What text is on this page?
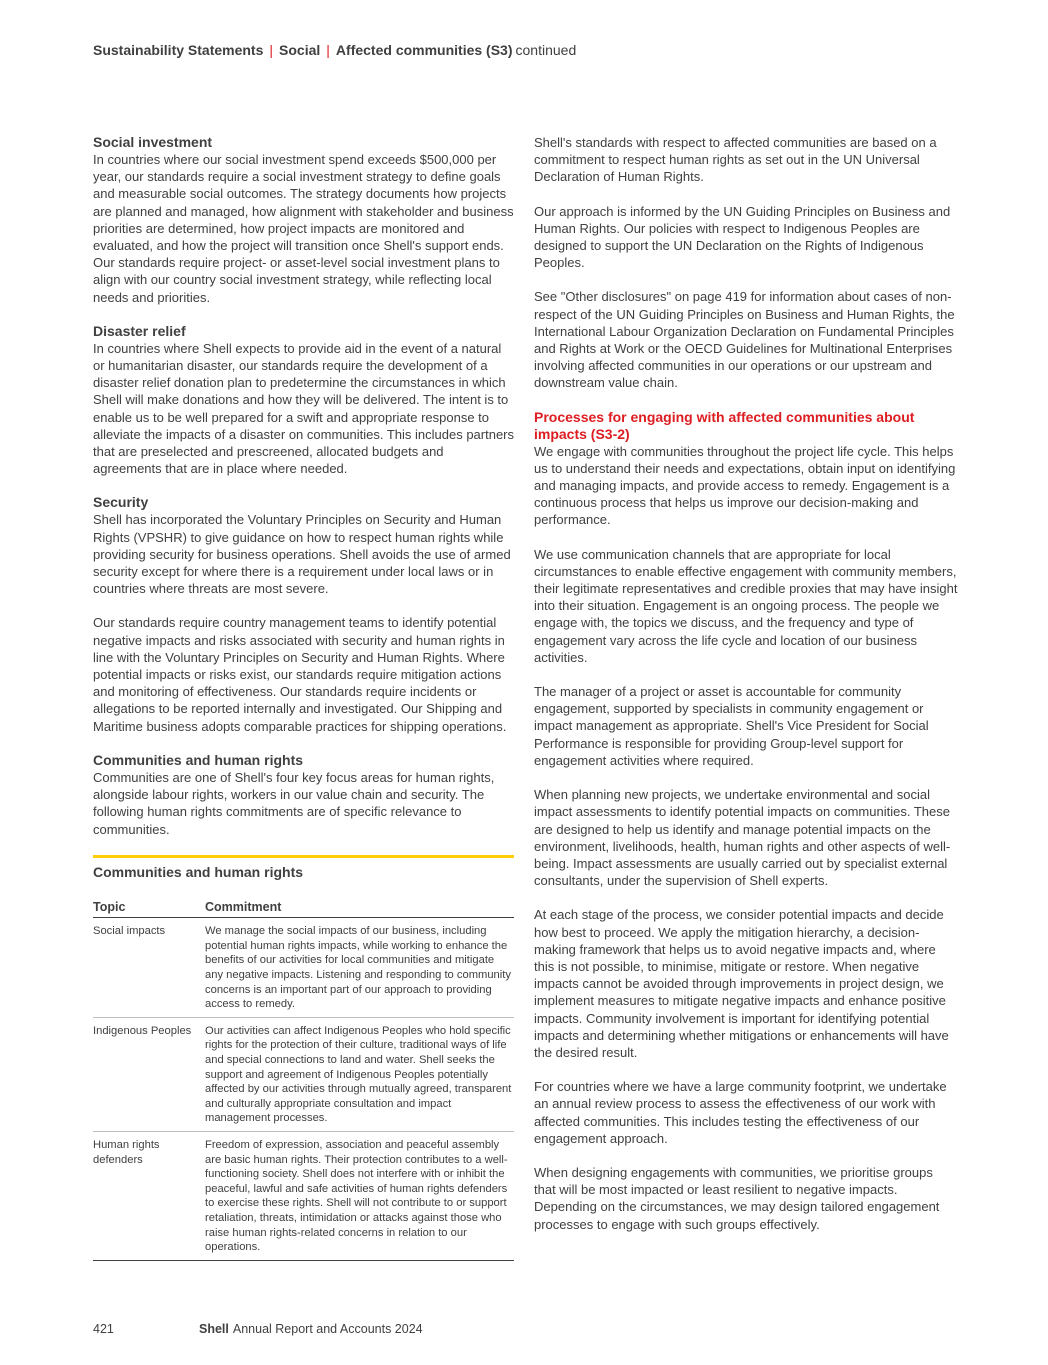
Sustainability Statements | Social | Affected communities (S3) continued
Social investment

In countries where our social investment spend exceeds $500,000 per year, our standards require a social investment strategy to define goals and measurable social outcomes. The strategy documents how projects are planned and managed, how alignment with stakeholder and business priorities are determined, how project impacts are monitored and evaluated, and how the project will transition once Shell's support ends. Our standards require project- or asset-level social investment plans to align with our country social investment strategy, while reflecting local needs and priorities.

Disaster relief

In countries where Shell expects to provide aid in the event of a natural or humanitarian disaster, our standards require the development of a disaster relief donation plan to predetermine the circumstances in which Shell will make donations and how they will be delivered. The intent is to enable us to be well prepared for a swift and appropriate response to alleviate the impacts of a disaster on communities. This includes partners that are preselected and prescreened, allocated budgets and agreements that are in place where needed.

Security

Shell has incorporated the Voluntary Principles on Security and Human Rights (VPSHR) to give guidance on how to respect human rights while providing security for business operations. Shell avoids the use of armed security except for where there is a requirement under local laws or in countries where threats are most severe.

Our standards require country management teams to identify potential negative impacts and risks associated with security and human rights in line with the Voluntary Principles on Security and Human Rights. Where potential impacts or risks exist, our standards require mitigation actions and monitoring of effectiveness. Our standards require incidents or allegations to be reported internally and investigated. Our Shipping and Maritime business adopts comparable practices for shipping operations.

Communities and human rights

Communities are one of Shell's four key focus areas for human rights, alongside labour rights, workers in our value chain and security. The following human rights commitments are of specific relevance to communities.

Communities and human rights
Topic	Commitment
Social impacts	We manage the social impacts of our business, including potential human rights impacts, while working to enhance the benefits of our activities for local communities and mitigate any negative impacts. Listening and responding to community concerns is an important part of our approach to providing access to remedy.
Indigenous Peoples	Our activities can affect Indigenous Peoples who hold specific rights for the protection of their culture, traditional ways of life and special connections to land and water. Shell seeks the support and agreement of Indigenous Peoples potentially affected by our activities through mutually agreed, transparent and culturally appropriate consultation and impact management processes.
Human rights defenders	Freedom of expression, association and peaceful assembly are basic human rights. Their protection contributes to a well-functioning society. Shell does not interfere with or inhibit the peaceful, lawful and safe activities of human rights defenders to exercise these rights. Shell will not contribute to or support retaliation, threats, intimidation or attacks against those who raise human rights-related concerns in relation to our operations.

Shell's standards with respect to affected communities are based on a commitment to respect human rights as set out in the UN Universal Declaration of Human Rights.

Our approach is informed by the UN Guiding Principles on Business and Human Rights. Our policies with respect to Indigenous Peoples are designed to support the UN Declaration on the Rights of Indigenous Peoples.

See "Other disclosures" on page 419 for information about cases of non-respect of the UN Guiding Principles on Business and Human Rights, the International Labour Organization Declaration on Fundamental Principles and Rights at Work or the OECD Guidelines for Multinational Enterprises involving affected communities in our operations or our upstream and downstream value chain.

Processes for engaging with affected communities about impacts (S3-2)

We engage with communities throughout the project life cycle. This helps us to understand their needs and expectations, obtain input on identifying and managing impacts, and provide access to remedy. Engagement is a continuous process that helps us improve our decision-making and performance.

We use communication channels that are appropriate for local circumstances to enable effective engagement with community members, their legitimate representatives and credible proxies that may have insight into their situation. Engagement is an ongoing process. The people we engage with, the topics we discuss, and the frequency and type of engagement vary across the life cycle and location of our business activities.

The manager of a project or asset is accountable for community engagement, supported by specialists in community engagement or impact management as appropriate. Shell's Vice President for Social Performance is responsible for providing Group-level support for engagement activities where required.

When planning new projects, we undertake environmental and social impact assessments to identify potential impacts on communities. These are designed to help us identify and manage potential impacts on the environment, livelihoods, health, human rights and other aspects of well-being. Impact assessments are usually carried out by specialist external consultants, under the supervision of Shell experts.

At each stage of the process, we consider potential impacts and decide how best to proceed. We apply the mitigation hierarchy, a decision-making framework that helps us to avoid negative impacts and, where this is not possible, to minimise, mitigate or restore. When negative impacts cannot be avoided through improvements in project design, we implement measures to mitigate negative impacts and enhance positive impacts. Community involvement is important for identifying potential impacts and determining whether mitigations or enhancements will have the desired result.

For countries where we have a large community footprint, we undertake an annual review process to assess the effectiveness of our work with affected communities. This includes testing the effectiveness of our engagement approach.

When designing engagements with communities, we prioritise groups that will be most impacted or least resilient to negative impacts. Depending on the circumstances, we may design tailored engagement processes to engage with such groups effectively.

421	Shell Annual Report and Accounts 2024
